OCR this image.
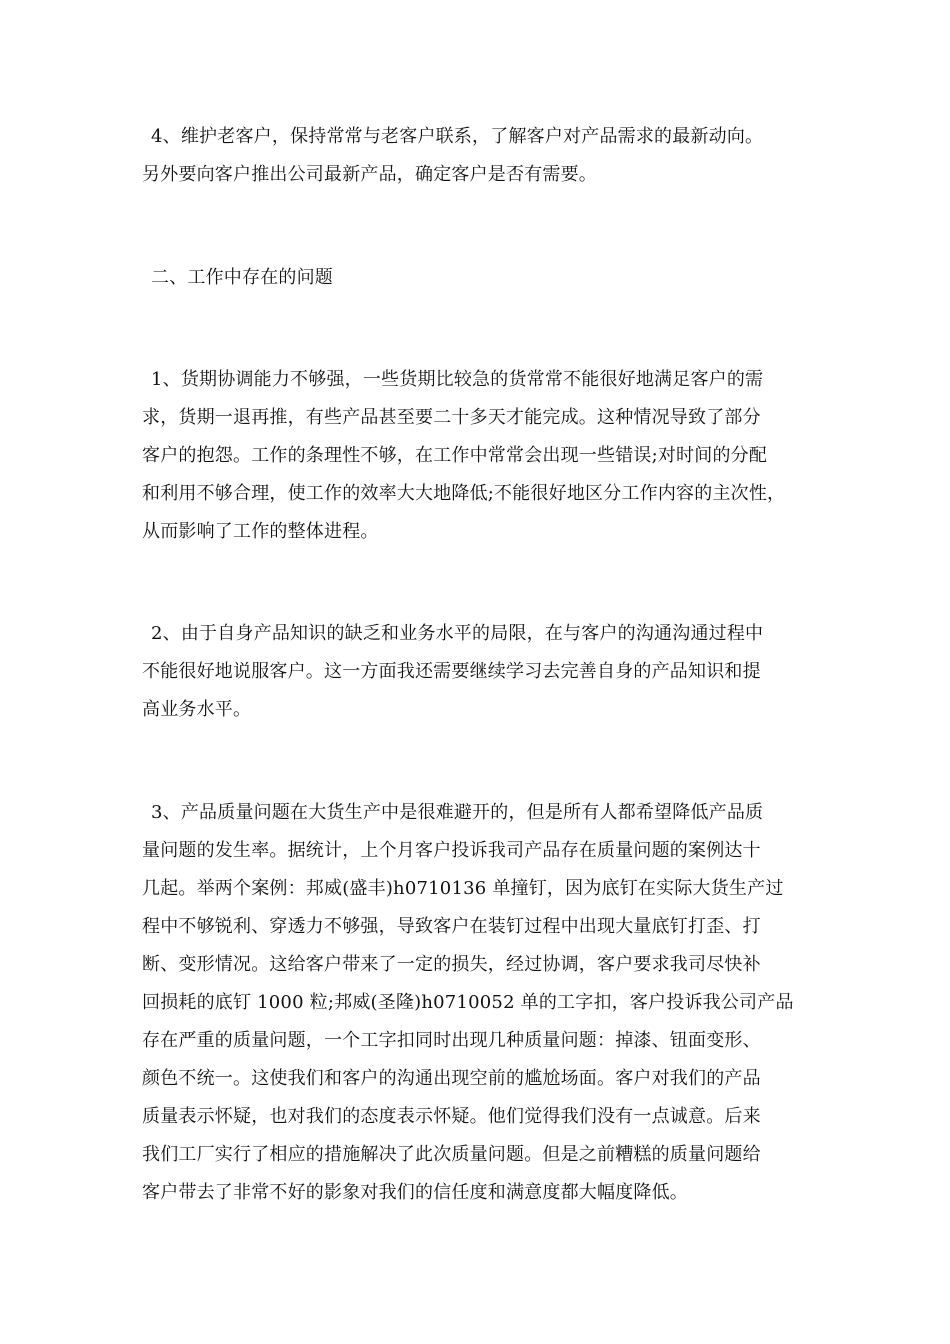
4、维护老客户，保持常常与老客户联系，了解客户对产品需求的最新动向。
另外要向客户推出公司最新产品，确定客户是否有需要。
二、工作中存在的问题
1、货期协调能力不够强，一些货期比较急的货常常不能很好地满足客户的需
求，货期一退再推，有些产品甚至要二十多天才能完成。这种情况导致了部分
客户的抱怨。工作的条理性不够，在工作中常常会出现一些错误;对时间的分配
和利用不够合理，使工作的效率大大地降低;不能很好地区分工作内容的主次性，
从而影响了工作的整体进程。
2、由于自身产品知识的缺乏和业务水平的局限，在与客户的沟通沟通过程中
不能很好地说服客户。这一方面我还需要继续学习去完善自身的产品知识和提
高业务水平。
3、产品质量问题在大货生产中是很难避开的，但是所有人都希望降低产品质
量问题的发生率。据统计，上个月客户投诉我司产品存在质量问题的案例达十
几起。举两个案例：邦威(盛丰)h0710136 单撞钉，因为底钉在实际大货生产过
程中不够锐利、穿透力不够强，导致客户在装钉过程中出现大量底钉打歪、打
断、变形情况。这给客户带来了一定的损失，经过协调，客户要求我司尽快补
回损耗的底钉 1000 粒;邦威(圣隆)h0710052 单的工字扣，客户投诉我公司产品
存在严重的质量问题，一个工字扣同时出现几种质量问题：掉漆、钮面变形、
颜色不统一。这使我们和客户的沟通出现空前的尴尬场面。客户对我们的产品
质量表示怀疑，也对我们的态度表示怀疑。他们觉得我们没有一点诚意。后来
我们工厂实行了相应的措施解决了此次质量问题。但是之前糟糕的质量问题给
客户带去了非常不好的影象对我们的信任度和满意度都大幅度降低。
